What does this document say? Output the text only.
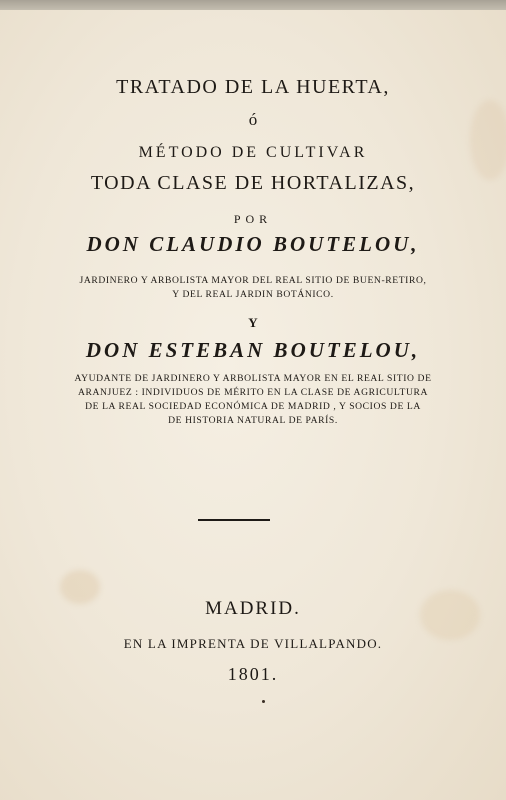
TRATADO DE LA HUERTA,
ó
MÉTODO DE CULTIVAR
TODA CLASE DE HORTALIZAS,
POR
DON CLAUDIO BOUTELOU,
JARDINERO Y ARBOLISTA MAYOR DEL REAL SITIO DE BUEN-RETIRO,
Y DEL REAL JARDIN BOTÁNICO.
Y
DON ESTEBAN BOUTELOU,
AYUDANTE DE JARDINERO Y ARBOLISTA MAYOR EN EL REAL SITIO DE
ARANJUEZ : INDIVIDUOS DE MÉRITO EN LA CLASE DE AGRICULTURA
DE LA REAL SOCIEDAD ECONÓMICA DE MADRID , Y SOCIOS DE LA
DE HISTORIA NATURAL DE PARÍS.
MADRID.
EN LA IMPRENTA DE VILLALPANDO.
1801.
